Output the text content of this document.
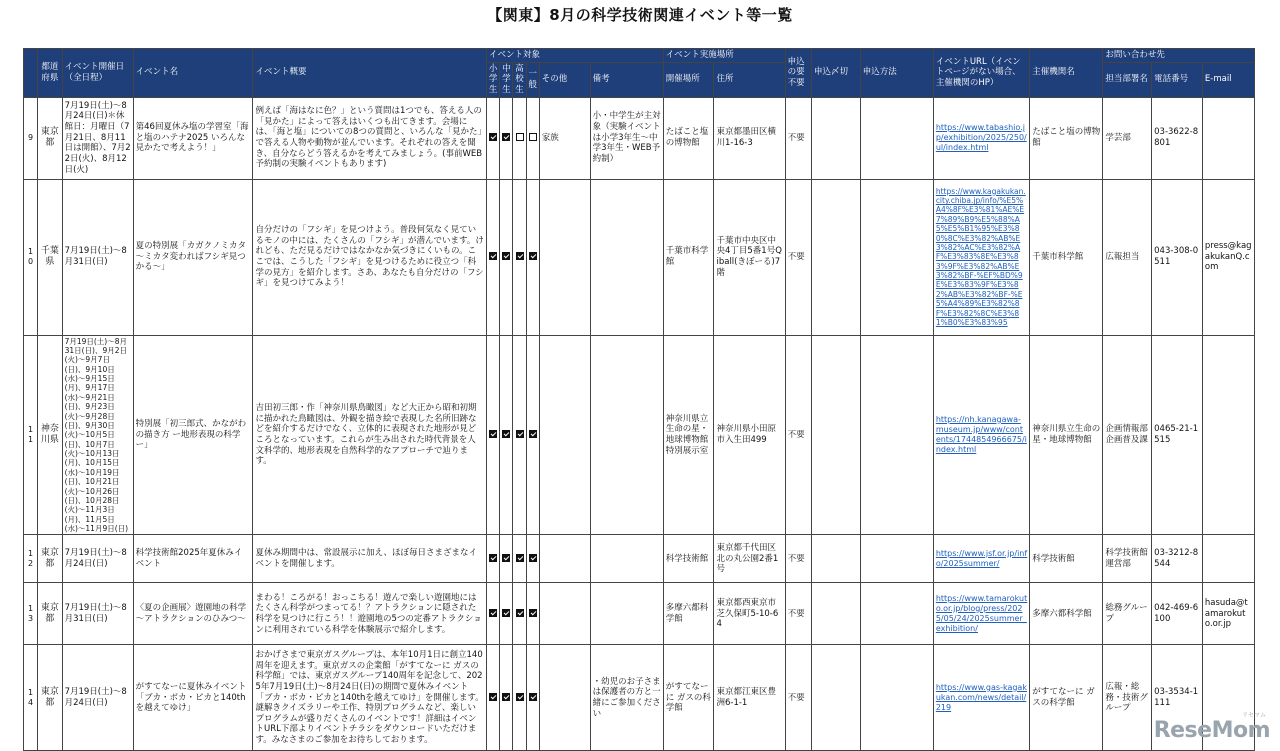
【関東】8月の科学技術関連イベント等一覧
	都道府県	イベント開催日（全日程）	イベント名	イベント概要	イベント対象						イベント実施場所		申込の要不要	申込〆切	申込方法	イベントURL（イベントページがない場合、主催機関のHP）	主催機関名	お問い合わせ先		
					小学生	中学生	高校生	一般	その他	備考	開催場所	住所						担当部署名	電話番号	E-mail
9	東京都	7月19日(土)〜8月24日(日)＊休館日：月曜日（7月21日、8月11日は開館）、7月22日(火)、8月12日(火)	第46回夏休み塩の学習室「海と塩のハテナ2025 いろんな見かたで考えよう！」	例えば「海はなに色？」という質問は1つでも、答える人の「見かた」によって答えはいくつも出てきます。会場には、「海と塩」についての8つの質問と、いろんな「見かた」で答える人物や動物が並んでいます。それぞれの答えを聞き、自分ならどう答えるかを考えてみましょう。(事前WEB予約制の実験イベントもあります)					家族	小・中学生が主対象（実験イベントは小学3年生〜中学3年生・WEB予約制）	たばこと塩の博物館	東京都墨田区横川1-16-3	不要			https://www.tabashio.jp/exhibition/2025/250/ul/index.html	たばこと塩の博物館	学芸部	03-3622-8801	
10	千葉県	7月19日(土)〜8月31日(日)	夏の特別展「カガクノミカタ 〜ミカタ変わればフシギ見つかる〜」	自分だけの「フシギ」を見つけよう。普段何気なく見ているモノの中には、たくさんの「フシギ」が潜んでいます。けれども、ただ見るだけではなかなか気づきにくいもの。ここでは、こうした「フシギ」を見つけるために役立つ「科学の見方」を紹介します。さあ、あなたも自分だけの「フシギ」を見つけてみよう！							千葉市科学館	千葉市中央区中央4丁目5番1号Qiball(きぼーる)7階	不要			https://www.kagakukan.city.chiba.jp/info/%E5%A4%8F%E3%81%AE%E7%89%B9%E5%88%A5%E5%B1%95%E3%80%8C%E3%82%AB%E3%82%AC%E3%82%AF%E3%83%8E%E3%83%9F%E3%82%AB%E3%82%BF-%EF%BD%9E%E3%83%9F%E3%82%AB%E3%82%BF-%E5%A4%89%E3%82%8F%E3%82%8C%E3%81%B0%E3%83%95	千葉市科学館	広報担当	043-308-0511	press@kagakukanQ.com
11	神奈川県	7月19日(土)〜8月31日(日)、9月2日(火)〜9月7日(日)、9月10日(水)〜9月15日(月)、9月17日(水)〜9月21日(日)、9月23日(火)〜9月28日(日)、9月30日(火)〜10月5日(日)、10月7日(火)〜10月13日(月)、10月15日(水)〜10月19日(日)、10月21日(火)〜10月26日(日)、10月28日(火)〜11月3日(月)、11月5日(水)〜11月9日(日)	特別展「初三郎式、かながわの描き方 ー地形表現の科学ー」	吉田初三郎・作「神奈川県鳥瞰図」など大正から昭和初期に描かれた鳥瞰図は、外観を描き絵で表現した名所旧跡などを紹介するだけでなく、立体的に表現された地形が見どころとなっています。これらが生み出された時代背景を人文科学的、地形表現を自然科学的なアプローチで辿ります。							神奈川県立生命の星・地球博物館 特別展示室	神奈川県小田原市入生田499	不要			https://nh.kanagawa-museum.jp/www/contents/1744854966675/index.html	神奈川県立生命の星・地球博物館	企画情報部 企画普及課	0465-21-1515	
12	東京都	7月19日(土)〜8月24日(日)	科学技術館2025年夏休みイベント	夏休み期間中は、常設展示に加え、ほぼ毎日さまざまなイベントを開催します。							科学技術館	東京都千代田区北の丸公園2番1号	不要			https://www.jsf.or.jp/info/2025summer/	科学技術館	科学技術館運営部	03-3212-8544	
13	東京都	7月19日(土)〜8月31日(日)	〈夏の企画展〉遊園地の科学 〜アトラクションのひみつ〜	まわる！ころがる！おっこちる！遊んで楽しい遊園地にはたくさん科学がつまってる！？アトラクションに隠された科学を見つけに行こう！！遊園地の5つの定番アトラクションに利用されている科学を体験展示で紹介します。							多摩六都科学館	東京都西東京市芝久保町5-10-64	不要			https://www.tamarokuto.or.jp/blog/press/2025/05/24/2025summer_exhibition/	多摩六都科学館	総務グループ	042-469-6100	hasuda@tamarokuto.or.jp
14	東京都	7月19日(土)〜8月24日(日)	がすてなーに夏休みイベント「ブカ・ボカ・ピカと140thを越えてゆけ」	おかげさまで東京ガスグループは、本年10月1日に創立140周年を迎えます。東京ガスの企業館「がすてなーに ガスの科学館」では、東京ガスグループ140周年を記念して、2025年7月19日(土)〜8月24日(日)の期間で夏休みイベント「ブカ・ボカ・ピカと140thを越えてゆけ」を開催します。謎解きクイズラリーや工作、特別プログラムなど、楽しいプログラムが盛りだくさんのイベントです！詳細はイベントURL下部よりイベントチラシをダウンロードいただけます。みなさまのご参加をお待ちしております。						・幼児のお子さまは保護者の方と一緒にご参加ください	がすてなーに ガスの科学館	東京都江東区豊洲6-1-1	不要			https://www.gas-kagakukan.com/news/detail/219	がすてなーに ガスの科学館	広報・総務・技術グループ	03-3534-1111	
リセマム
ReseMom
